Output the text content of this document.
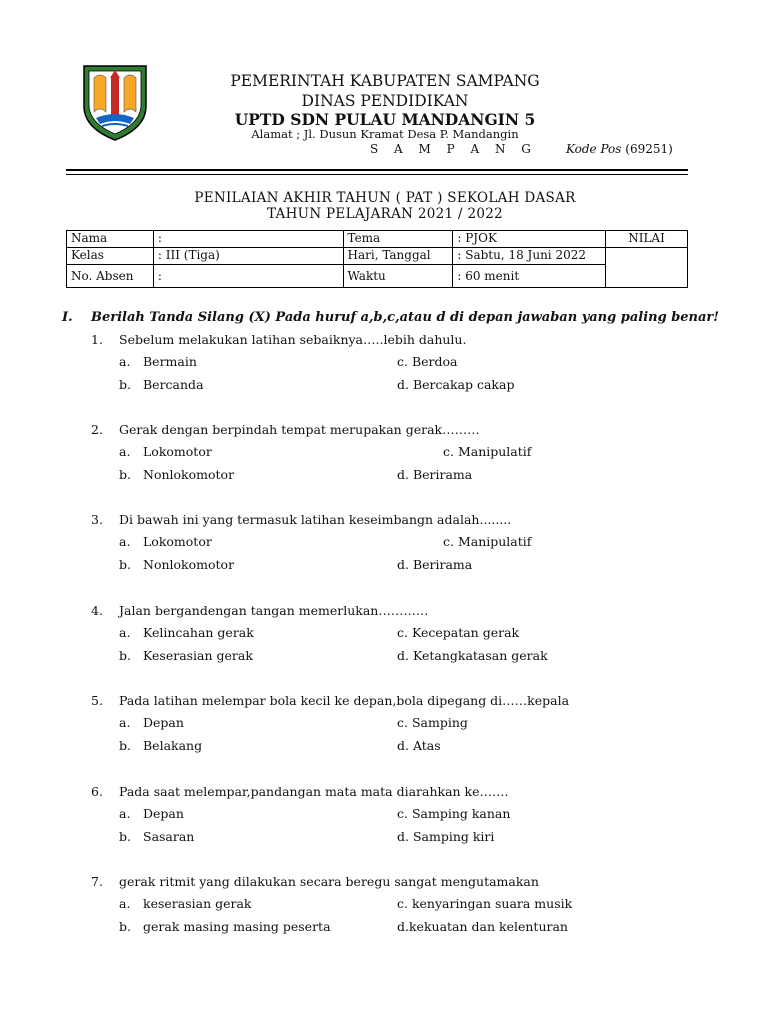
PEMERINTAH KABUPATEN SAMPANG
DINAS PENDIDIKAN
UPTD SDN PULAU MANDANGIN 5
Alamat ; Jl. Dusun Kramat Desa P. Mandangin
S A M P A N G Kode Pos (69251)
PENILAIAN AKHIR TAHUN ( PAT ) SEKOLAH DASAR
TAHUN PELAJARAN 2021 / 2022
Nama	:	Tema	: PJOK	NILAI
Kelas	: III (Tiga)	Hari, Tanggal	: Sabtu, 18 Juni 2022	
No. Absen	:	Waktu	: 60 menit	
I. Berilah Tanda Silang (X) Pada huruf a,b,c,atau d di depan jawaban yang paling benar!
1. Sebelum melakukan latihan sebaiknya…..lebih dahulu.
a. Bermain
b. Bercanda
c. Berdoa
d. Bercakap cakap
2. Gerak dengan berpindah tempat merupakan gerak………
a. Lokomotor
b. Nonlokomotor
c. Manipulatif
d. Berirama
3. Di bawah ini yang termasuk latihan keseimbangn adalah........
a. Lokomotor
b. Nonlokomotor
c. Manipulatif
d. Berirama
4. Jalan bergandengan tangan memerlukan…………
a. Kelincahan gerak
b. Keserasian gerak
c. Kecepatan gerak
d. Ketangkatasan gerak
5. Pada latihan melempar bola kecil ke depan,bola dipegang di……kepala
a. Depan
b. Belakang
c. Samping
d. Atas
6. Pada saat melempar,pandangan mata mata diarahkan ke…….
a. Depan
b. Sasaran
c. Samping kanan
d. Samping kiri
7. gerak ritmit yang dilakukan secara beregu sangat mengutamakan
a. keserasian gerak
b. gerak masing masing peserta
c. kenyaringan suara musik
d.kekuatan dan kelenturan
